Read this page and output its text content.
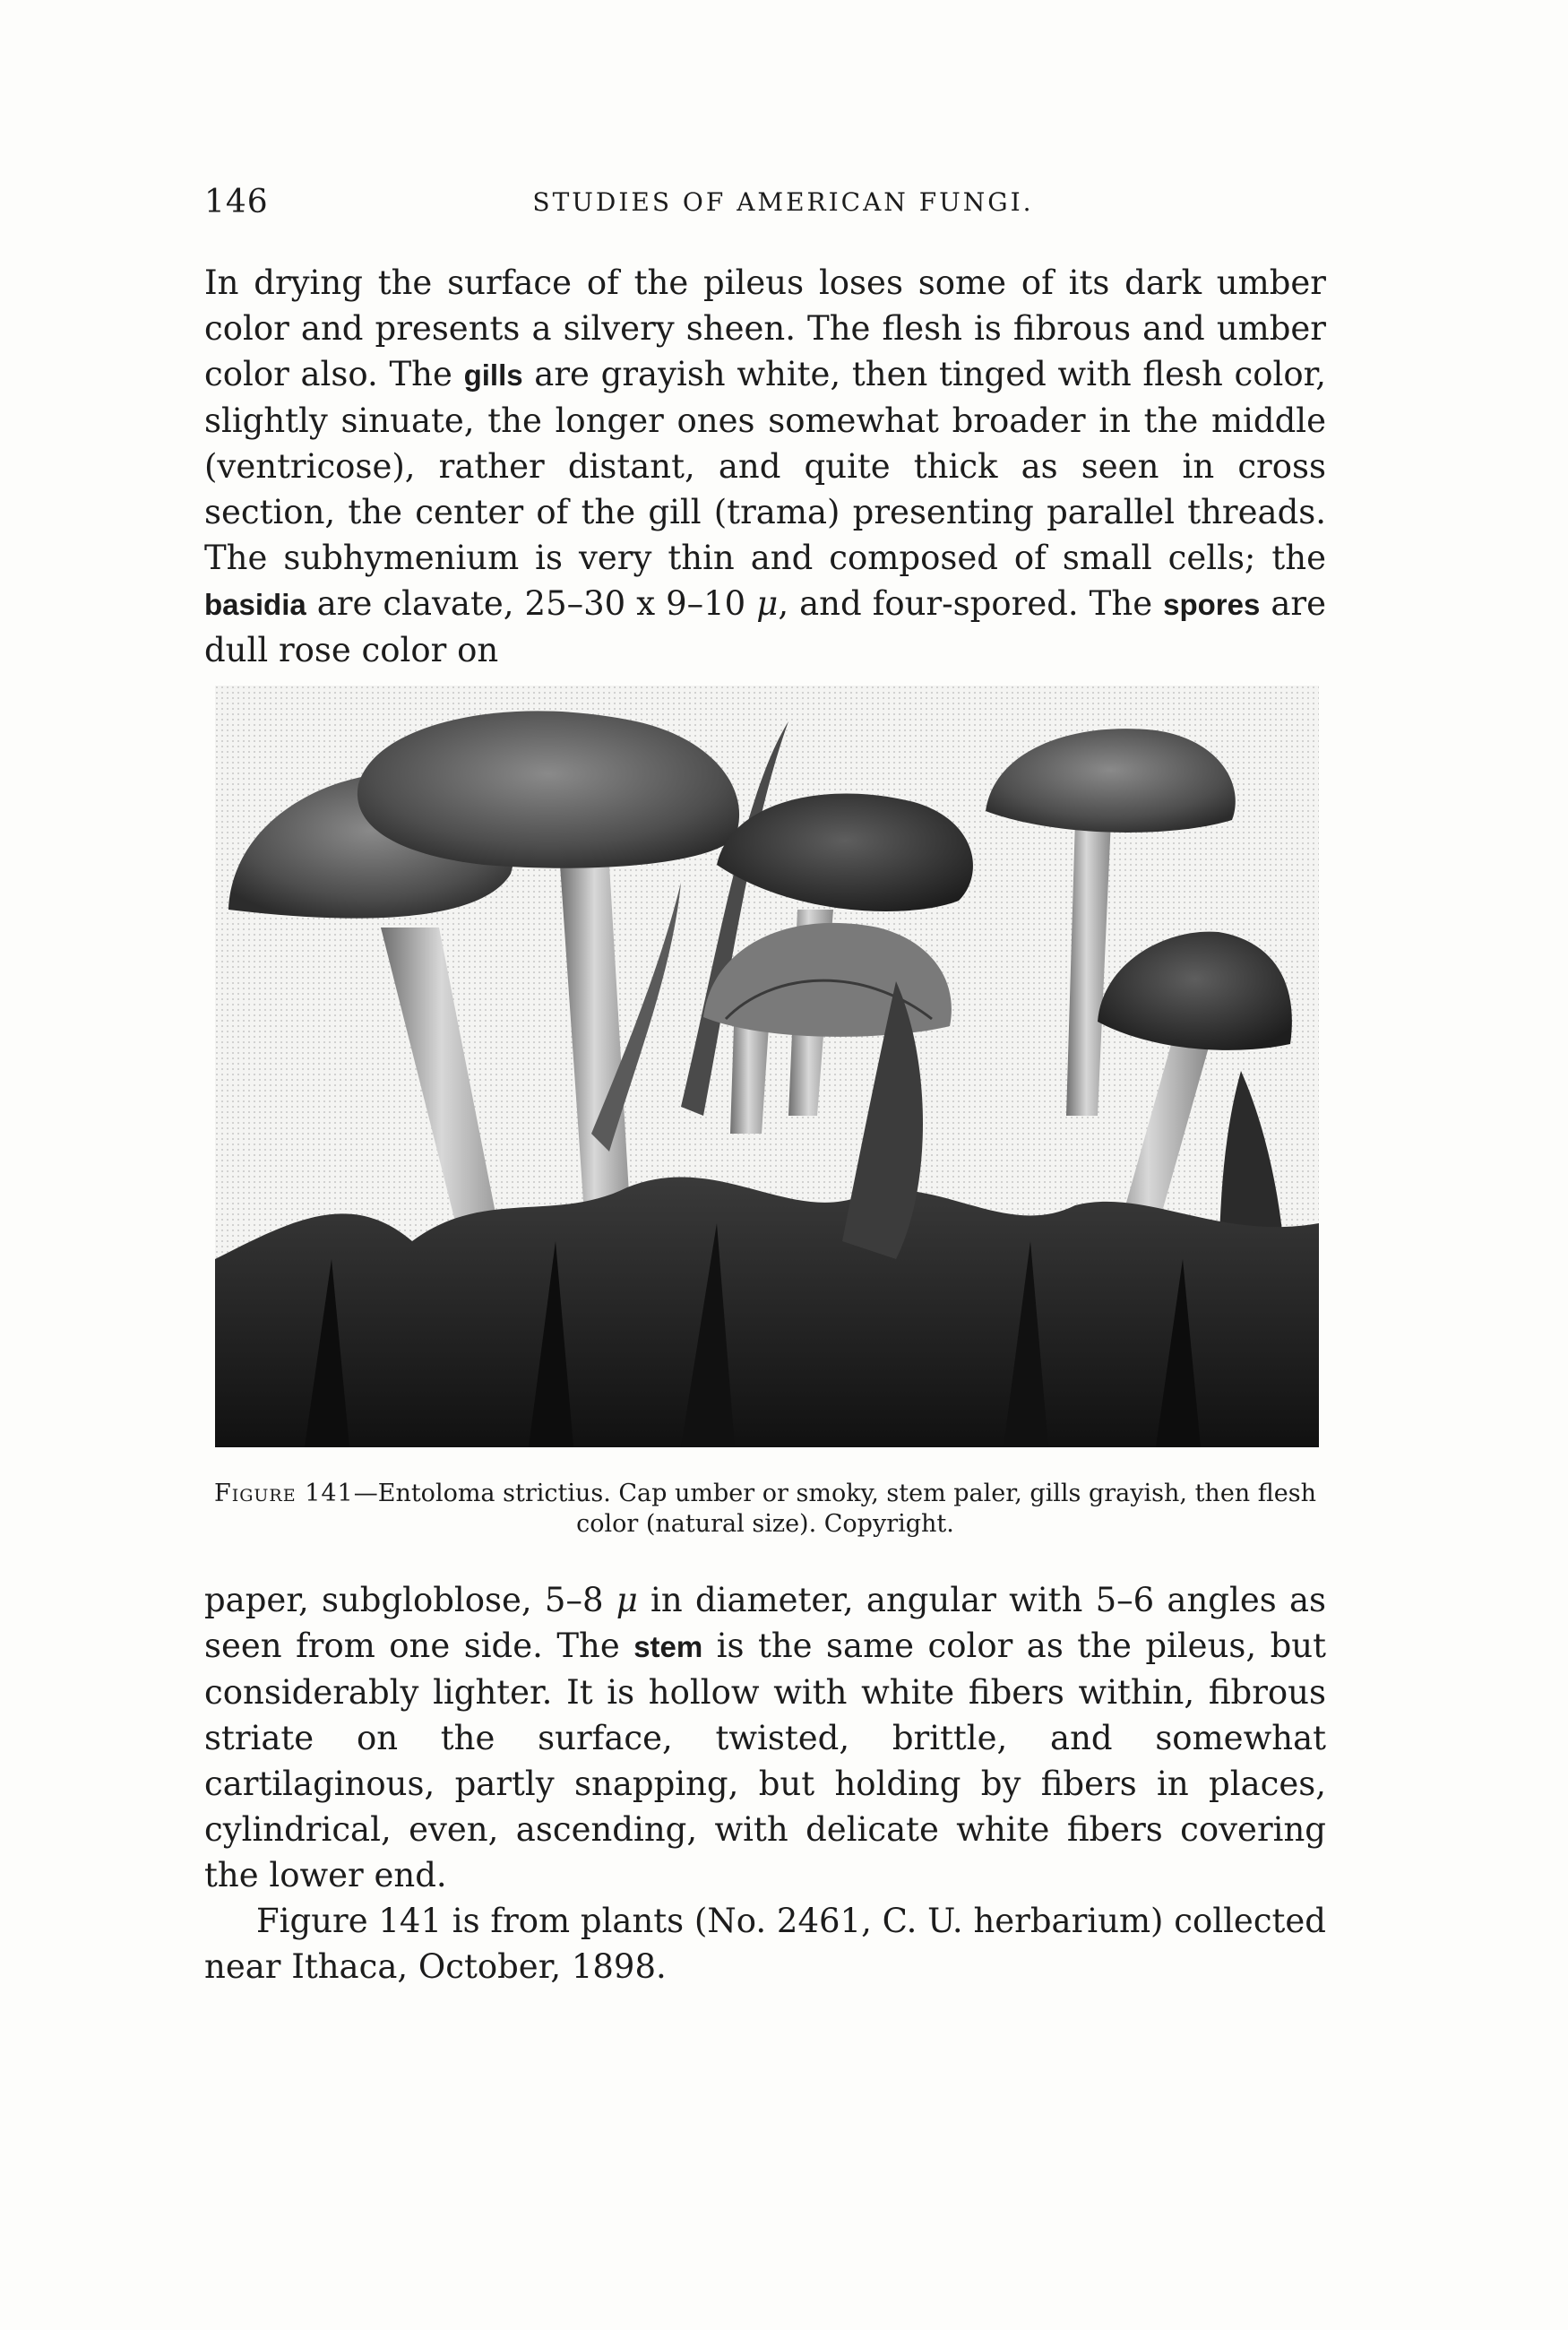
146	STUDIES OF AMERICAN FUNGI.

In drying the surface of the pileus loses some of its dark umber color and presents a silvery sheen. The flesh is fibrous and umber color also. The gills are grayish white, then tinged with flesh color, slightly sinuate, the longer ones somewhat broader in the middle (ventricose), rather distant, and quite thick as seen in cross section, the center of the gill (trama) presenting parallel threads. The subhymenium is very thin and composed of small cells; the basidia are clavate, 25–30 x 9–10 μ, and four-spored. The spores are dull rose color on

Figure 141—Entoloma strictius. Cap umber or smoky, stem paler, gills grayish, then flesh color (natural size). Copyright.

paper, subgloblose, 5–8 μ in diameter, angular with 5–6 angles as seen from one side. The stem is the same color as the pileus, but considerably lighter. It is hollow with white fibers within, fibrous striate on the surface, twisted, brittle, and somewhat cartilaginous, partly snapping, but holding by fibers in places, cylindrical, even, ascending, with delicate white fibers covering the lower end.

Figure 141 is from plants (No. 2461, C. U. herbarium) collected near Ithaca, October, 1898.
